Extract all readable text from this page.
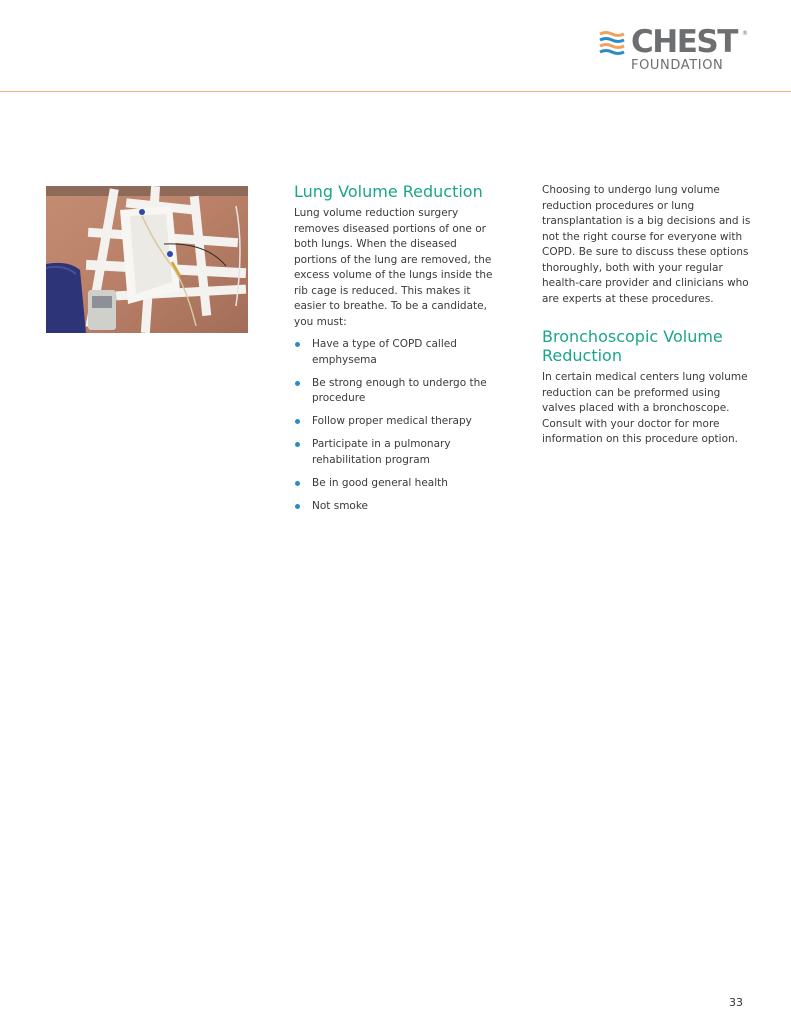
CHEST ®
FOUNDATION
Lung Volume Reduction

Lung volume reduction surgery removes diseased portions of one or both lungs. When the diseased portions of the lung are removed, the excess volume of the lungs inside the rib cage is reduced. This makes it easier to breathe. To be a candidate, you must:

Have a type of COPD called emphysema
Be strong enough to undergo the procedure
Follow proper medical therapy
Participate in a pulmonary rehabilitation program
Be in good general health
Not smoke

Choosing to undergo lung volume reduction procedures or lung transplantation is a big decisions and is not the right course for everyone with COPD. Be sure to discuss these options thoroughly, both with your regular health-care provider and clinicians who are experts at these procedures.

Bronchoscopic Volume Reduction

In certain medical centers lung volume reduction can be preformed using valves placed with a bronchoscope. Consult with your doctor for more information on this procedure option.

33
